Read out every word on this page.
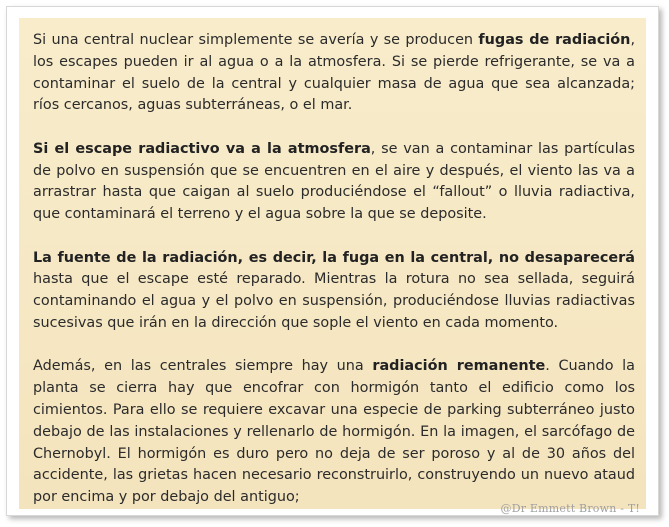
Si una central nuclear simplemente se avería y se producen fugas de radiación, los escapes pueden ir al agua o a la atmosfera. Si se pierde refrigerante, se va a contaminar el suelo de la central y cualquier masa de agua que sea alcanzada; ríos cercanos, aguas subterráneas, o el mar.

Si el escape radiactivo va a la atmosfera, se van a contaminar las partículas de polvo en suspensión que se encuentren en el aire y después, el viento las va a arrastrar hasta que caigan al suelo produciéndose el “fallout” o lluvia radiactiva, que contaminará el terreno y el agua sobre la que se deposite.

La fuente de la radiación, es decir, la fuga en la central, no desaparecerá hasta que el escape esté reparado. Mientras la rotura no sea sellada, seguirá contaminando el agua y el polvo en suspensión, produciéndose lluvias radiactivas sucesivas que irán en la dirección que sople el viento en cada momento.

Además, en las centrales siempre hay una radiación remanente. Cuando la planta se cierra hay que encofrar con hormigón tanto el edificio como los cimientos. Para ello se requiere excavar una especie de parking subterráneo justo debajo de las instalaciones y rellenarlo de hormigón. En la imagen, el sarcófago de Chernobyl. El hormigón es duro pero no deja de ser poroso y al de 30 años del accidente, las grietas hacen necesario reconstruirlo, construyendo un nuevo ataud por encima y por debajo del antiguo;

@Dr Emmett Brown - T!
